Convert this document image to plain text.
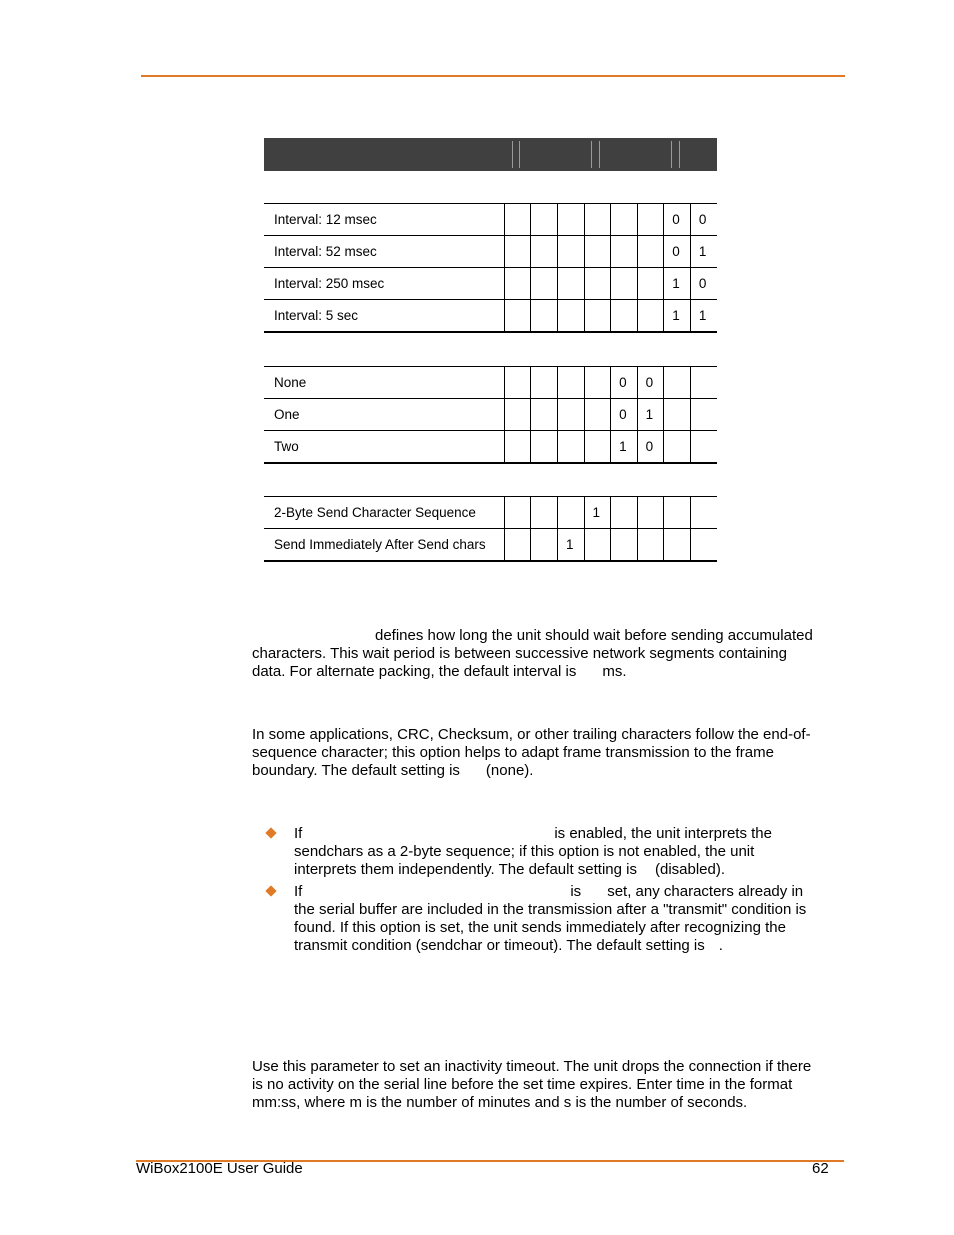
Interval: 12 msec							0	0
Interval: 52 msec							0	1
Interval: 250 msec							1	0
Interval: 5 sec							1	1
None					0	0		
One					0	1		
Two					1	0		
2-Byte Send Character Sequence				1				
Send Immediately After Send chars			1					

defines how long the unit should wait before sending accumulated
characters. This wait period is between successive network segments containing
data. For alternate packing, the default interval is ms.

In some applications, CRC, Checksum, or other trailing characters follow the end-of-
sequence character; this option helps to adapt frame transmission to the frame
boundary. The default setting is (none).

If	is enabled, the unit interprets the
sendchars as a 2-byte sequence; if this option is not enabled, the unit
interprets them independently. The default setting is (disabled).

If	is set, any characters already in
the serial buffer are included in the transmission after a "transmit" condition is
found. If this option is set, the unit sends immediately after recognizing the
transmit condition (sendchar or timeout). The default setting is .

Use this parameter to set an inactivity timeout. The unit drops the connection if there
is no activity on the serial line before the set time expires. Enter time in the format
mm:ss, where m is the number of minutes and s is the number of seconds.

WiBox2100E User Guide	62
